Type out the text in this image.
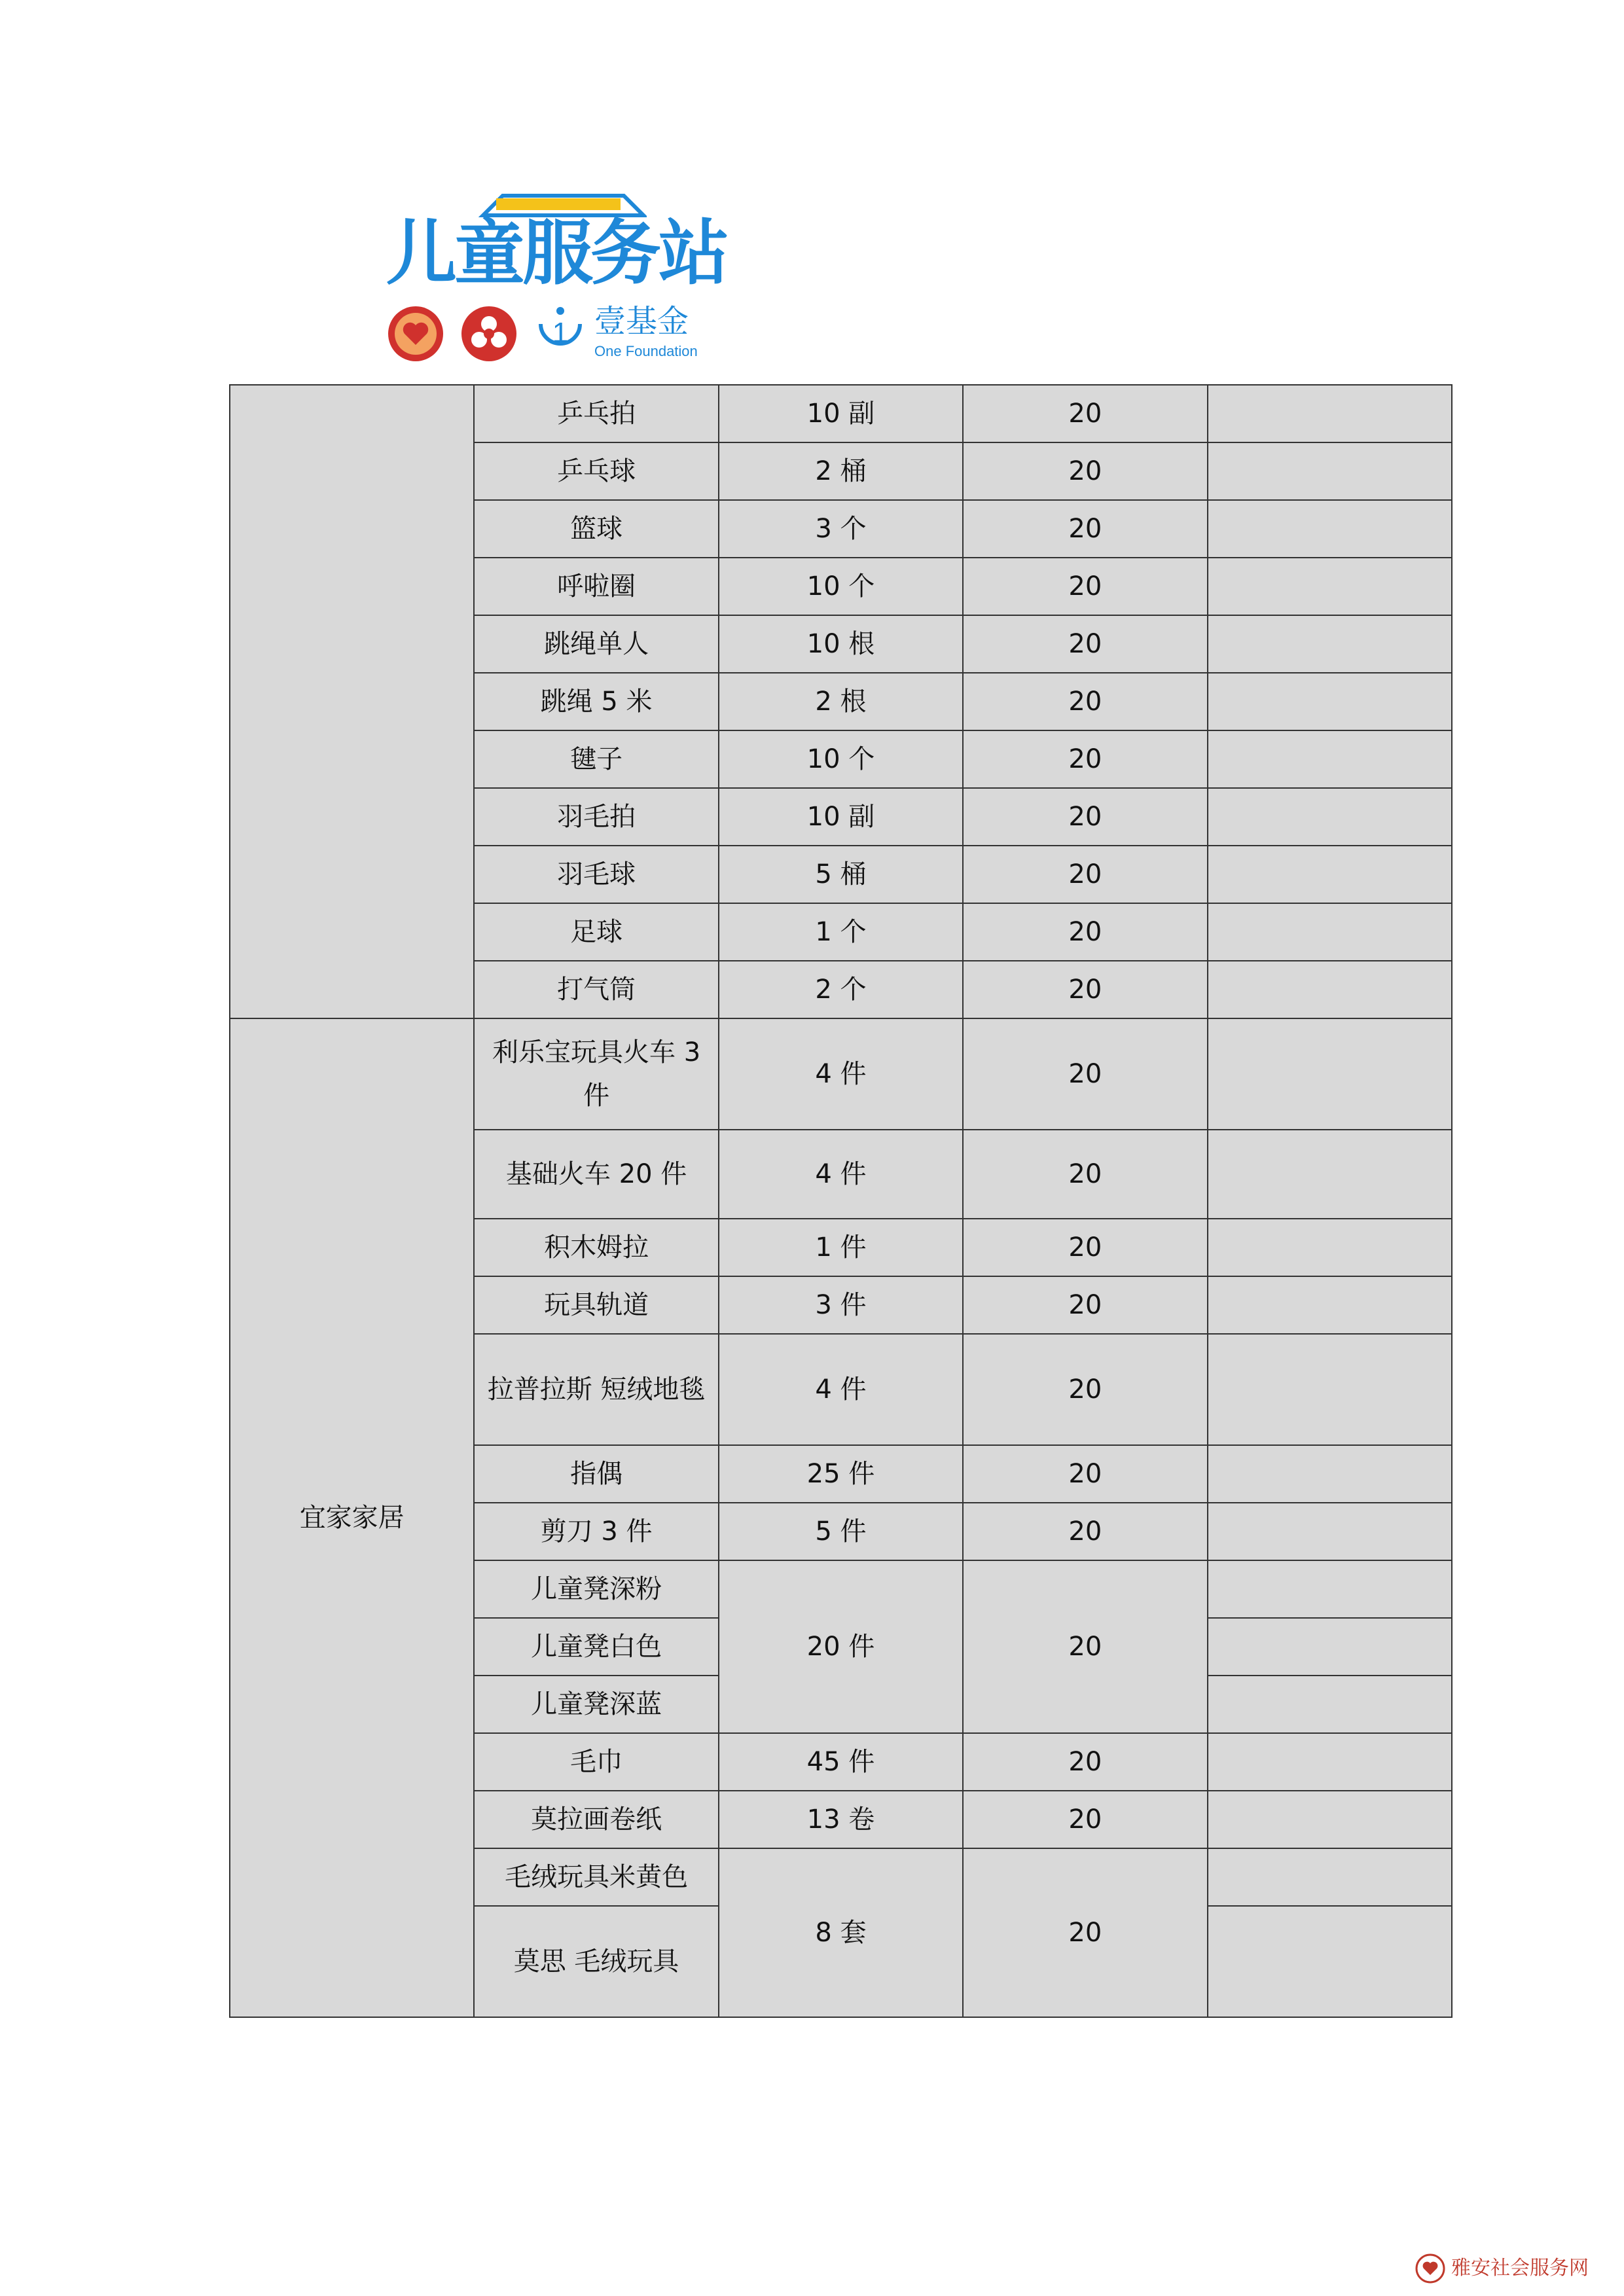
儿童服务站
1 壹基金
One Foundation
	乒乓拍	10 副	20	
	乒乓球	2 桶	20	
	篮球	3 个	20	
	呼啦圈	10 个	20	
	跳绳单人	10 根	20	
	跳绳 5 米	2 根	20	
	毽子	10 个	20	
	羽毛拍	10 副	20	
	羽毛球	5 桶	20	
	足球	1 个	20	
	打气筒	2 个	20	
宜家家居	利乐宝玩具火车 3 件	4 件	20	
	基础火车 20 件	4 件	20	
	积木姆拉	1 件	20	
	玩具轨道	3 件	20	
	拉普拉斯 短绒地毯	4 件	20	
	指偶	25 件	20	
	剪刀 3 件	5 件	20	
	儿童凳深粉	20 件	20	
	儿童凳白色			
	儿童凳深蓝			
	毛巾	45 件	20	
	莫拉画卷纸	13 卷	20	
	毛绒玩具米黄色	8 套	20	
	莫思 毛绒玩具			
雅安社会服务网
